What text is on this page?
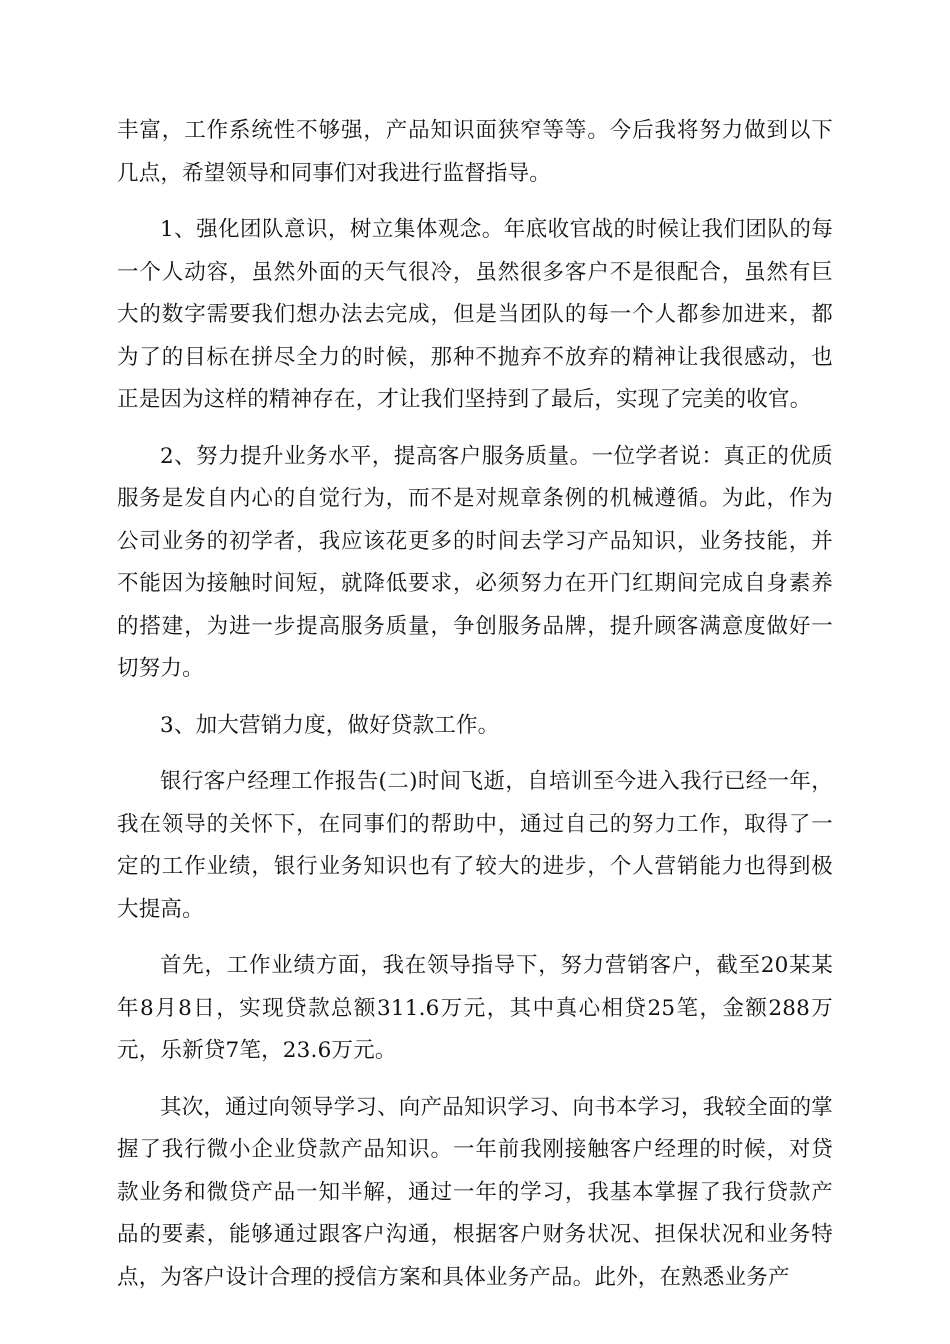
丰富，工作系统性不够强，产品知识面狭窄等等。今后我将努力做到以下几点，希望领导和同事们对我进行监督指导。

1、强化团队意识，树立集体观念。年底收官战的时候让我们团队的每一个人动容，虽然外面的天气很冷，虽然很多客户不是很配合，虽然有巨大的数字需要我们想办法去完成，但是当团队的每一个人都参加进来，都为了的目标在拼尽全力的时候，那种不抛弃不放弃的精神让我很感动，也正是因为这样的精神存在，才让我们坚持到了最后，实现了完美的收官。

2、努力提升业务水平，提高客户服务质量。一位学者说：真正的优质服务是发自内心的自觉行为，而不是对规章条例的机械遵循。为此，作为公司业务的初学者，我应该花更多的时间去学习产品知识，业务技能，并不能因为接触时间短，就降低要求，必须努力在开门红期间完成自身素养的搭建，为进一步提高服务质量，争创服务品牌，提升顾客满意度做好一切努力。

3、加大营销力度，做好贷款工作。

银行客户经理工作报告(二)时间飞逝，自培训至今进入我行已经一年，我在领导的关怀下，在同事们的帮助中，通过自己的努力工作，取得了一定的工作业绩，银行业务知识也有了较大的进步，个人营销能力也得到极大提高。

首先，工作业绩方面，我在领导指导下，努力营销客户，截至20某某年8月8日，实现贷款总额311.6万元，其中真心相贷25笔，金额288万元，乐新贷7笔，23.6万元。

其次，通过向领导学习、向产品知识学习、向书本学习，我较全面的掌握了我行微小企业贷款产品知识。一年前我刚接触客户经理的时候，对贷款业务和微贷产品一知半解，通过一年的学习，我基本掌握了我行贷款产品的要素，能够通过跟客户沟通，根据客户财务状况、担保状况和业务特点，为客户设计合理的授信方案和具体业务产品。此外，在熟悉业务产
